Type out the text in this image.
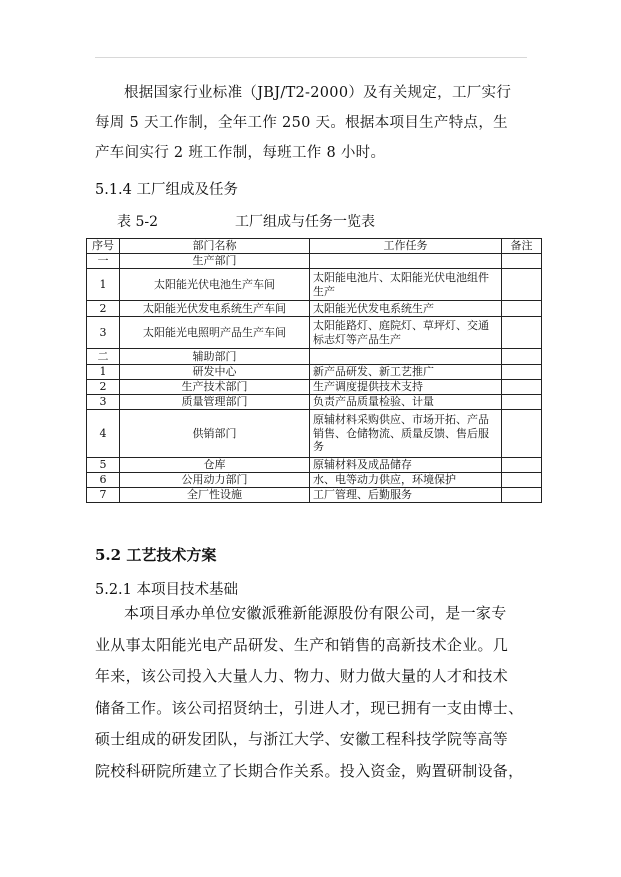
根据国家行业标准（JBJ/T2-2000）及有关规定，工厂实行
每周 5 天工作制，全年工作 250 天。根据本项目生产特点，生
产车间实行 2 班工作制，每班工作 8 小时。

5.1.4 工厂组成及任务
表 5-2	工厂组成与任务一览表
序号	部门名称	工作任务	备注
一	生产部门		
1	太阳能光伏电池生产车间	太阳能电池片、太阳能光伏电池组件生产	
2	太阳能光伏发电系统生产车间	太阳能光伏发电系统生产	
3	太阳能光电照明产品生产车间	太阳能路灯、庭院灯、草坪灯、交通标志灯等产品生产	
二	辅助部门		
1	研发中心	新产品研发、新工艺推广	
2	生产技术部门	生产调度提供技术支持	
3	质量管理部门	负责产品质量检验、计量	
4	供销部门	原辅材料采购供应、市场开拓、产品销售、仓储物流、质量反馈、售后服务	
5	仓库	原辅材料及成品储存	
6	公用动力部门	水、电等动力供应，环境保护	
7	全厂性设施	工厂管理、后勤服务	
5.2 工艺技术方案
5.2.1 本项目技术基础

本项目承办单位安徽派雅新能源股份有限公司，是一家专
业从事太阳能光电产品研发、生产和销售的高新技术企业。几
年来，该公司投入大量人力、物力、财力做大量的人才和技术
储备工作。该公司招贤纳士，引进人才，现已拥有一支由博士、
硕士组成的研发团队，与浙江大学、安徽工程科技学院等高等
院校科研院所建立了长期合作关系。投入资金，购置研制设备，
